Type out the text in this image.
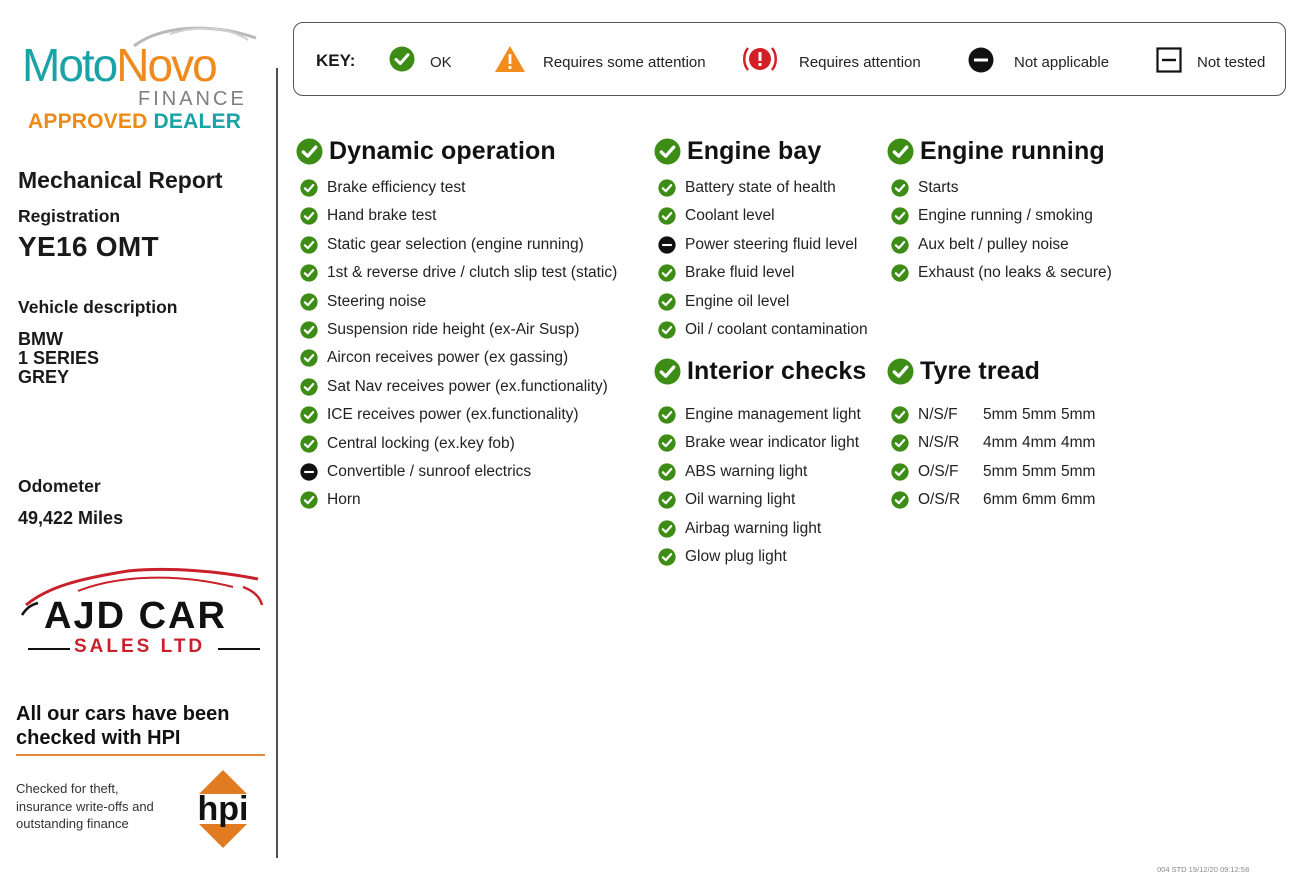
MotoNovo
FINANCE
APPROVED DEALER
Mechanical Report
Registration
YE16 OMT
Vehicle description
BMW
1 SERIES
GREY
Odometer
49,422 Miles
AJD CAR
SALES LTD
All our cars have been checked with HPI
Checked for theft, insurance write-offs and outstanding finance	hpi
KEY:	OK	Requires some attention	Requires attention	Not applicable	Not tested
Dynamic operation
Brake efficiency test
Hand brake test
Static gear selection (engine running)
1st & reverse drive / clutch slip test (static)
Steering noise
Suspension ride height (ex-Air Susp)
Aircon receives power (ex gassing)
Sat Nav receives power (ex.functionality)
ICE receives power (ex.functionality)
Central locking (ex.key fob)
Convertible / sunroof electrics
Horn
Engine bay
Battery state of health
Coolant level
Power steering fluid level
Brake fluid level
Engine oil level
Oil / coolant contamination
Engine running
Starts
Engine running / smoking
Aux belt / pulley noise
Exhaust (no leaks & secure)
Interior checks
Engine management light
Brake wear indicator light
ABS warning light
Oil warning light
Airbag warning light
Glow plug light
Tyre tread
N/S/F 5mm 5mm 5mm
N/S/R 4mm 4mm 4mm
O/S/F 5mm 5mm 5mm
O/S/R 6mm 6mm 6mm
004 STD 19/12/20 09:12:58
